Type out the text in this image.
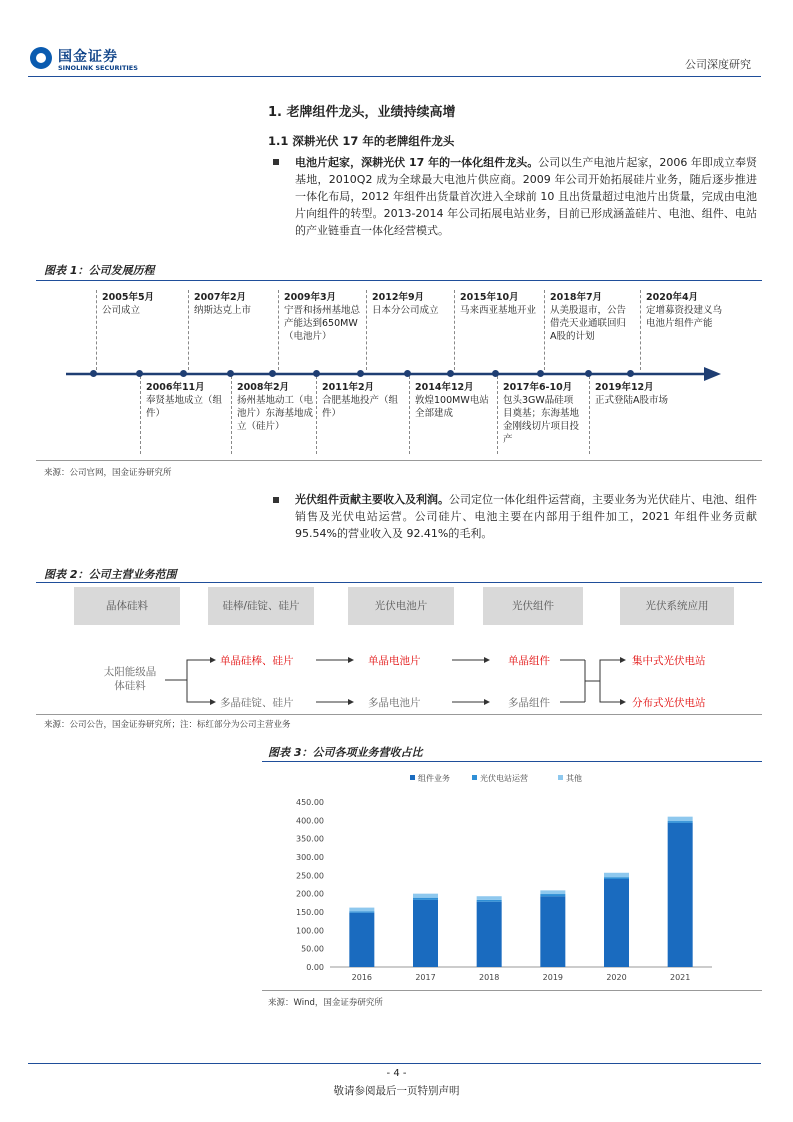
国金证券
SINOLINK SECURITIES	公司深度研究
1. 老牌组件龙头，业绩持续高增
1.1 深耕光伏 17 年的老牌组件龙头
电池片起家，深耕光伏 17 年的一体化组件龙头。公司以生产电池片起家，2006 年即成立奉贤基地，2010Q2 成为全球最大电池片供应商。2009 年公司开始拓展硅片业务，随后逐步推进一体化布局，2012 年组件出货量首次进入全球前 10 且出货量超过电池片出货量，完成由电池片向组件的转型。2013-2014 年公司拓展电站业务，目前已形成涵盖硅片、电池、组件、电站的产业链垂直一体化经营模式。
图表 1：公司发展历程
2005年5月
公司成立
2007年2月
纳斯达克上市
2009年3月
宁晋和扬州基地总产能达到650MW（电池片）
2012年9月
日本分公司成立
2015年10月
马来西亚基地开业
2018年7月
从美股退市，公告借壳天业通联回归A股的计划
2020年4月
定增募资投建义乌电池片组件产能
2006年11月
奉贤基地成立（组件）
2008年2月
扬州基地动工（电池片）东海基地成立（硅片）
2011年2月
合肥基地投产（组件）
2014年12月
敦煌100MW电站全部建成
2017年6-10月
包头3GW晶硅项目奠基；东海基地金刚线切片项目投产
2019年12月
正式登陆A股市场
来源：公司官网，国金证券研究所
光伏组件贡献主要收入及利润。公司定位一体化组件运营商，主要业务为光伏硅片、电池、组件销售及光伏电站运营。公司硅片、电池主要在内部用于组件加工，2021 年组件业务贡献 95.54%的营业收入及 92.41%的毛利。
图表 2：公司主营业务范围
晶体硅料	硅棒/硅锭、硅片	光伏电池片	光伏组件	光伏系统应用
太阳能级晶体硅料
单晶硅棒、硅片	单晶电池片	单晶组件
多晶硅锭、硅片	多晶电池片	多晶组件
集中式光伏电站
分布式光伏电站
来源：公司公告，国金证券研究所；注：标红部分为公司主营业务
图表 3：公司各项业务营收占比
0.00
50.00
100.00
150.00
200.00
250.00
300.00
350.00
400.00
450.00
2016	2017	2018	2019	2020	2021
组件业务	光伏电站运营	其他
来源：Wind，国金证券研究所
- 4 -
敬请参阅最后一页特别声明
